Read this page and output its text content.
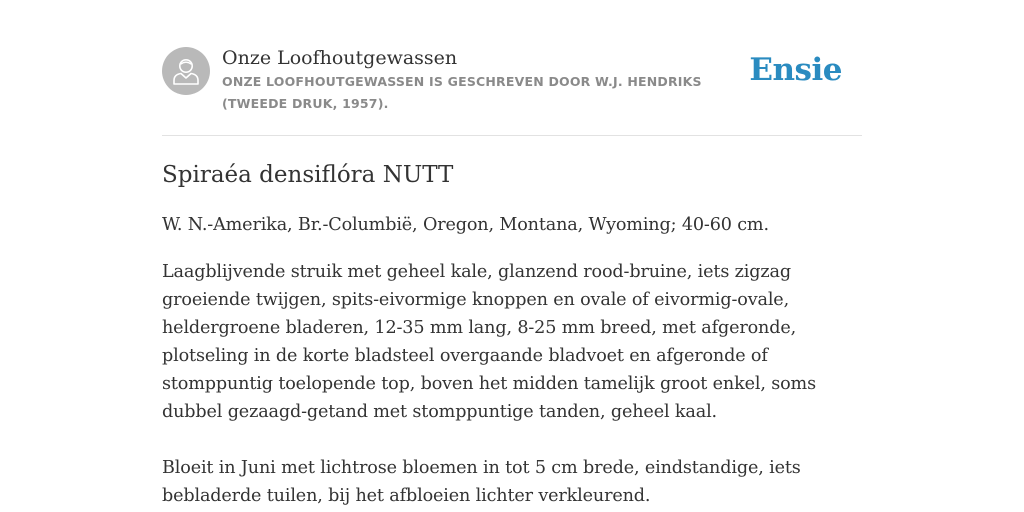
Onze Loofhoutgewassen
ONZE LOOFHOUTGEWASSEN IS GESCHREVEN DOOR W.J. HENDRIKS (TWEEDE DRUK, 1957).
Ensie
Spiraéa densiflóra NUTT

W. N.-Amerika, Br.-Columbië, Oregon, Montana, Wyoming; 40-60 cm.

Laagblijvende struik met geheel kale, glanzend rood-bruine, iets zigzag groeiende twijgen, spits-eivormige knoppen en ovale of eivormig-ovale, heldergroene bladeren, 12-35 mm lang, 8-25 mm breed, met afgeronde, plotseling in de korte bladsteel overgaande bladvoet en afgeronde of stomppuntig toelopende top, boven het midden tamelijk groot enkel, soms dubbel gezaagd-getand met stomppuntige tanden, geheel kaal.

Bloeit in Juni met lichtrose bloemen in tot 5 cm brede, eindstandige, iets bebladerde tuilen, bij het afbloeien lichter verkleurend.
